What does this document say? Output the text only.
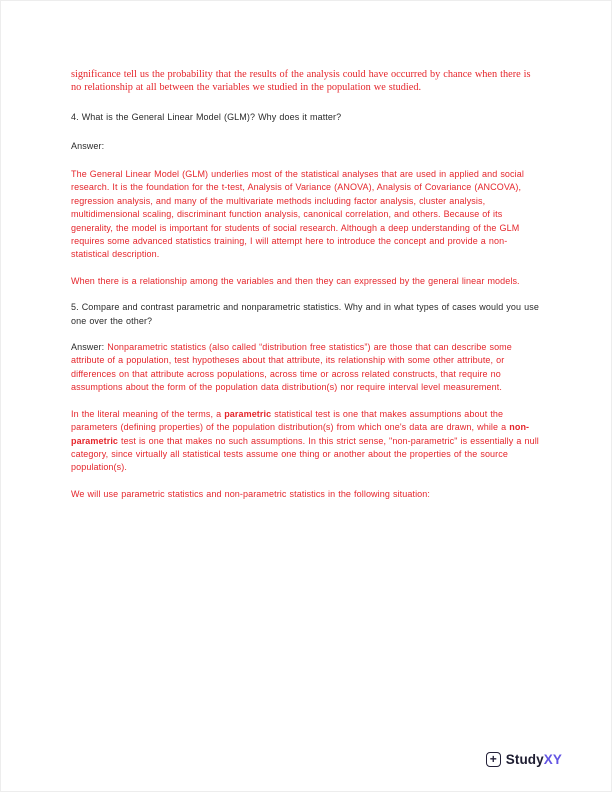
significance tell us the probability that the results of the analysis could have occurred by chance when there is no relationship at all between the variables we studied in the population we studied.

4. What is the General Linear Model (GLM)? Why does it matter?

Answer:

The General Linear Model (GLM) underlies most of the statistical analyses that are used in applied and social research. It is the foundation for the t-test, Analysis of Variance (ANOVA), Analysis of Covariance (ANCOVA), regression analysis, and many of the multivariate methods including factor analysis, cluster analysis, multidimensional scaling, discriminant function analysis, canonical correlation, and others. Because of its generality, the model is important for students of social research. Although a deep understanding of the GLM requires some advanced statistics training, I will attempt here to introduce the concept and provide a non-statistical description.

When there is a relationship among the variables and then they can expressed by the general linear models.

5. Compare and contrast parametric and nonparametric statistics. Why and in what types of cases would you use one over the other?

Answer: Nonparametric statistics (also called “distribution free statistics”) are those that can describe some attribute of a population, test hypotheses about that attribute, its relationship with some other attribute, or differences on that attribute across populations, across time or across related constructs, that require no assumptions about the form of the population data distribution(s) nor require interval level measurement.

In the literal meaning of the terms, a parametric statistical test is one that makes assumptions about the parameters (defining properties) of the population distribution(s) from which one's data are drawn, while a non-parametric test is one that makes no such assumptions. In this strict sense, "non-parametric" is essentially a null category, since virtually all statistical tests assume one thing or another about the properties of the source population(s).

We will use parametric statistics and non-parametric statistics in the following situation:

+ StudyXY
